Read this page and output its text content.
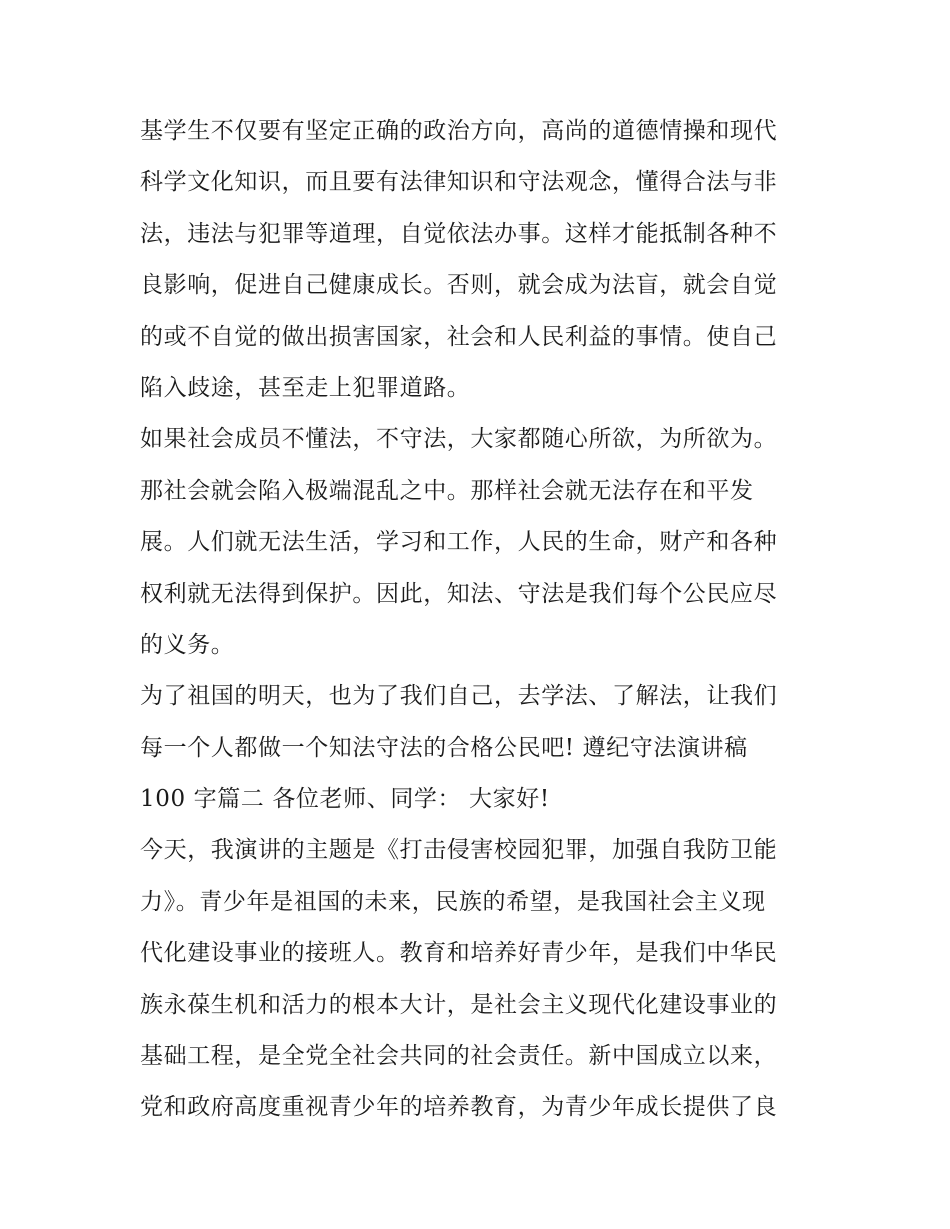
基学生不仅要有坚定正确的政治方向，高尚的道德情操和现代
科学文化知识，而且要有法律知识和守法观念，懂得合法与非
法，违法与犯罪等道理，自觉依法办事。这样才能抵制各种不
良影响，促进自己健康成长。否则，就会成为法盲，就会自觉
的或不自觉的做出损害国家，社会和人民利益的事情。使自己
陷入歧途，甚至走上犯罪道路。
如果社会成员不懂法，不守法，大家都随心所欲，为所欲为。
那社会就会陷入极端混乱之中。那样社会就无法存在和平发
展。人们就无法生活，学习和工作，人民的生命，财产和各种
权利就无法得到保护。因此，知法、守法是我们每个公民应尽
的义务。
为了祖国的明天，也为了我们自己，去学法、了解法，让我们
每一个人都做一个知法守法的合格公民吧! 遵纪守法演讲稿
100 字篇二 各位老师、同学： 大家好!
今天，我演讲的主题是《打击侵害校园犯罪，加强自我防卫能
力》。青少年是祖国的未来，民族的希望，是我国社会主义现
代化建设事业的接班人。教育和培养好青少年，是我们中华民
族永葆生机和活力的根本大计，是社会主义现代化建设事业的
基础工程，是全党全社会共同的社会责任。新中国成立以来，
党和政府高度重视青少年的培养教育，为青少年成长提供了良
